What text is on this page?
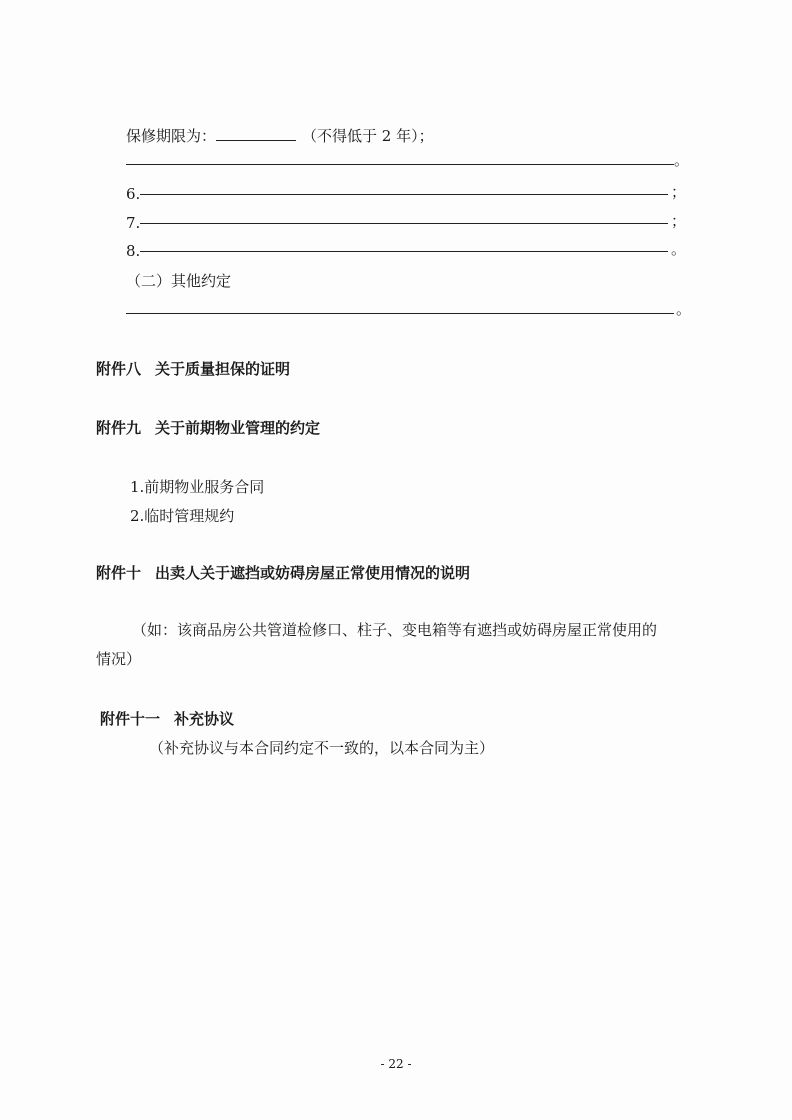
保修期限为：	（不得低于 2 年）；
。
6.	；
7.	；
8.	。
（二）其他约定
。
附件八 关于质量担保的证明
附件九 关于前期物业管理的约定
1.前期物业服务合同
2.临时管理规约
附件十 出卖人关于遮挡或妨碍房屋正常使用情况的说明
（如：该商品房公共管道检修口、柱子、变电箱等有遮挡或妨碍房屋正常使用的
情况）
附件十一 补充协议
（补充协议与本合同约定不一致的，以本合同为主）
- 22 -
